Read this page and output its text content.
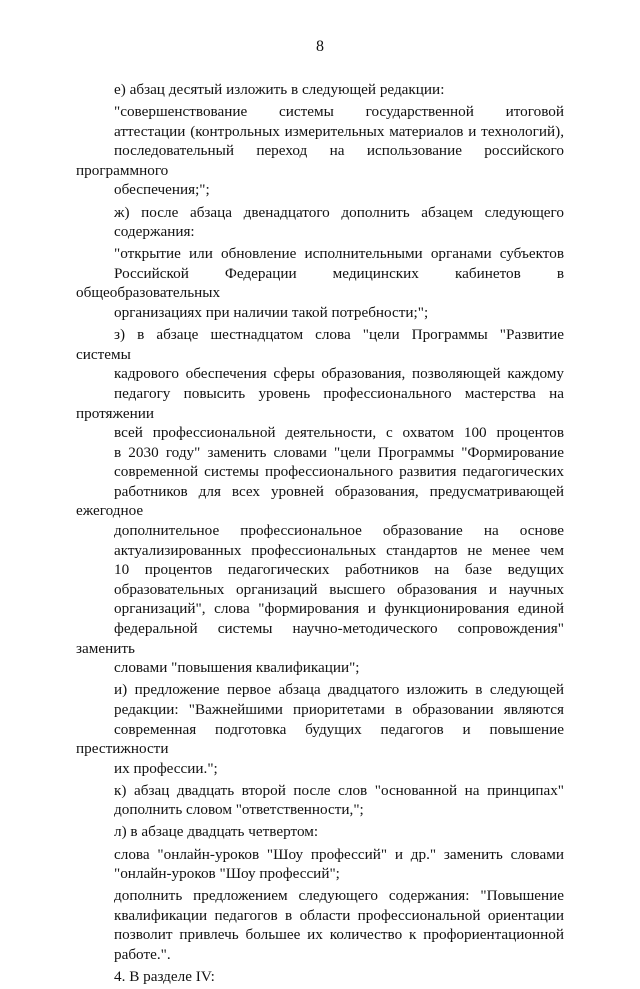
8

е) абзац десятый изложить в следующей редакции:

"совершенствование системы государственной итоговой
аттестации (контрольных измерительных материалов и технологий),
последовательный переход на использование российского программного
обеспечения;";

ж) после абзаца двенадцатого дополнить абзацем следующего
содержания:

"открытие или обновление исполнительными органами субъектов
Российской Федерации медицинских кабинетов в общеобразовательных
организациях при наличии такой потребности;";

з) в абзаце шестнадцатом слова "цели Программы "Развитие системы
кадрового обеспечения сферы образования, позволяющей каждому
педагогу повысить уровень профессионального мастерства на протяжении
всей профессиональной деятельности, с охватом 100 процентов
в 2030 году" заменить словами "цели Программы "Формирование
современной системы профессионального развития педагогических
работников для всех уровней образования, предусматривающей ежегодное
дополнительное профессиональное образование на основе
актуализированных профессиональных стандартов не менее чем
10 процентов педагогических работников на базе ведущих
образовательных организаций высшего образования и научных
организаций", слова "формирования и функционирования единой
федеральной системы научно-методического сопровождения" заменить
словами "повышения квалификации";

и) предложение первое абзаца двадцатого изложить в следующей
редакции: "Важнейшими приоритетами в образовании являются
современная подготовка будущих педагогов и повышение престижности
их профессии.";

к) абзац двадцать второй после слов "основанной на принципах"
дополнить словом "ответственности,";

л) в абзаце двадцать четвертом:

слова "онлайн-уроков "Шоу профессий" и др." заменить словами
"онлайн-уроков "Шоу профессий";

дополнить предложением следующего содержания: "Повышение
квалификации педагогов в области профессиональной ориентации
позволит привлечь большее их количество к профориентационной
работе.".

4. В разделе IV:
